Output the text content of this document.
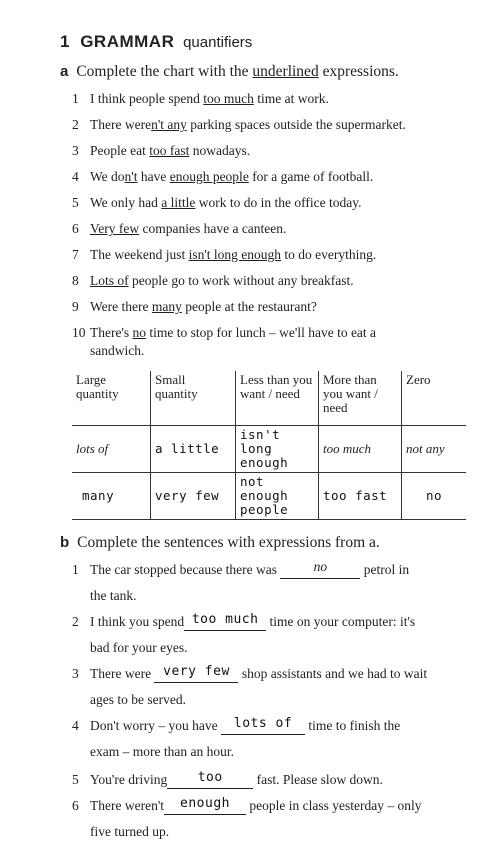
1 GRAMMAR quantifiers
a Complete the chart with the underlined expressions.
1 I think people spend too much time at work.
2 There weren't any parking spaces outside the supermarket.
3 People eat too fast nowadays.
4 We don't have enough people for a game of football.
5 We only had a little work to do in the office today.
6 Very few companies have a canteen.
7 The weekend just isn't long enough to do everything.
8 Lots of people go to work without any breakfast.
9 Were there many people at the restaurant?
10 There's no time to stop for lunch – we'll have to eat a
sandwich.
Large quantity	Small quantity	Less than you want / need	More than you want / need	Zero
lots of	a little	isn't long enough	too much	not any
many	very few	not enough people	too fast	no
b Complete the sentences with expressions from a.
1 The car stopped because there was	no	petrol in
the tank.
2 I think you spend too much time on your computer: it's
bad for your eyes.
3 There were very few shop assistants and we had to wait
ages to be served.
4 Don't worry – you have lots of time to finish the
exam – more than an hour.
5 You're driving too	fast. Please slow down.
6 There weren't enough people in class yesterday – only
five turned up.
